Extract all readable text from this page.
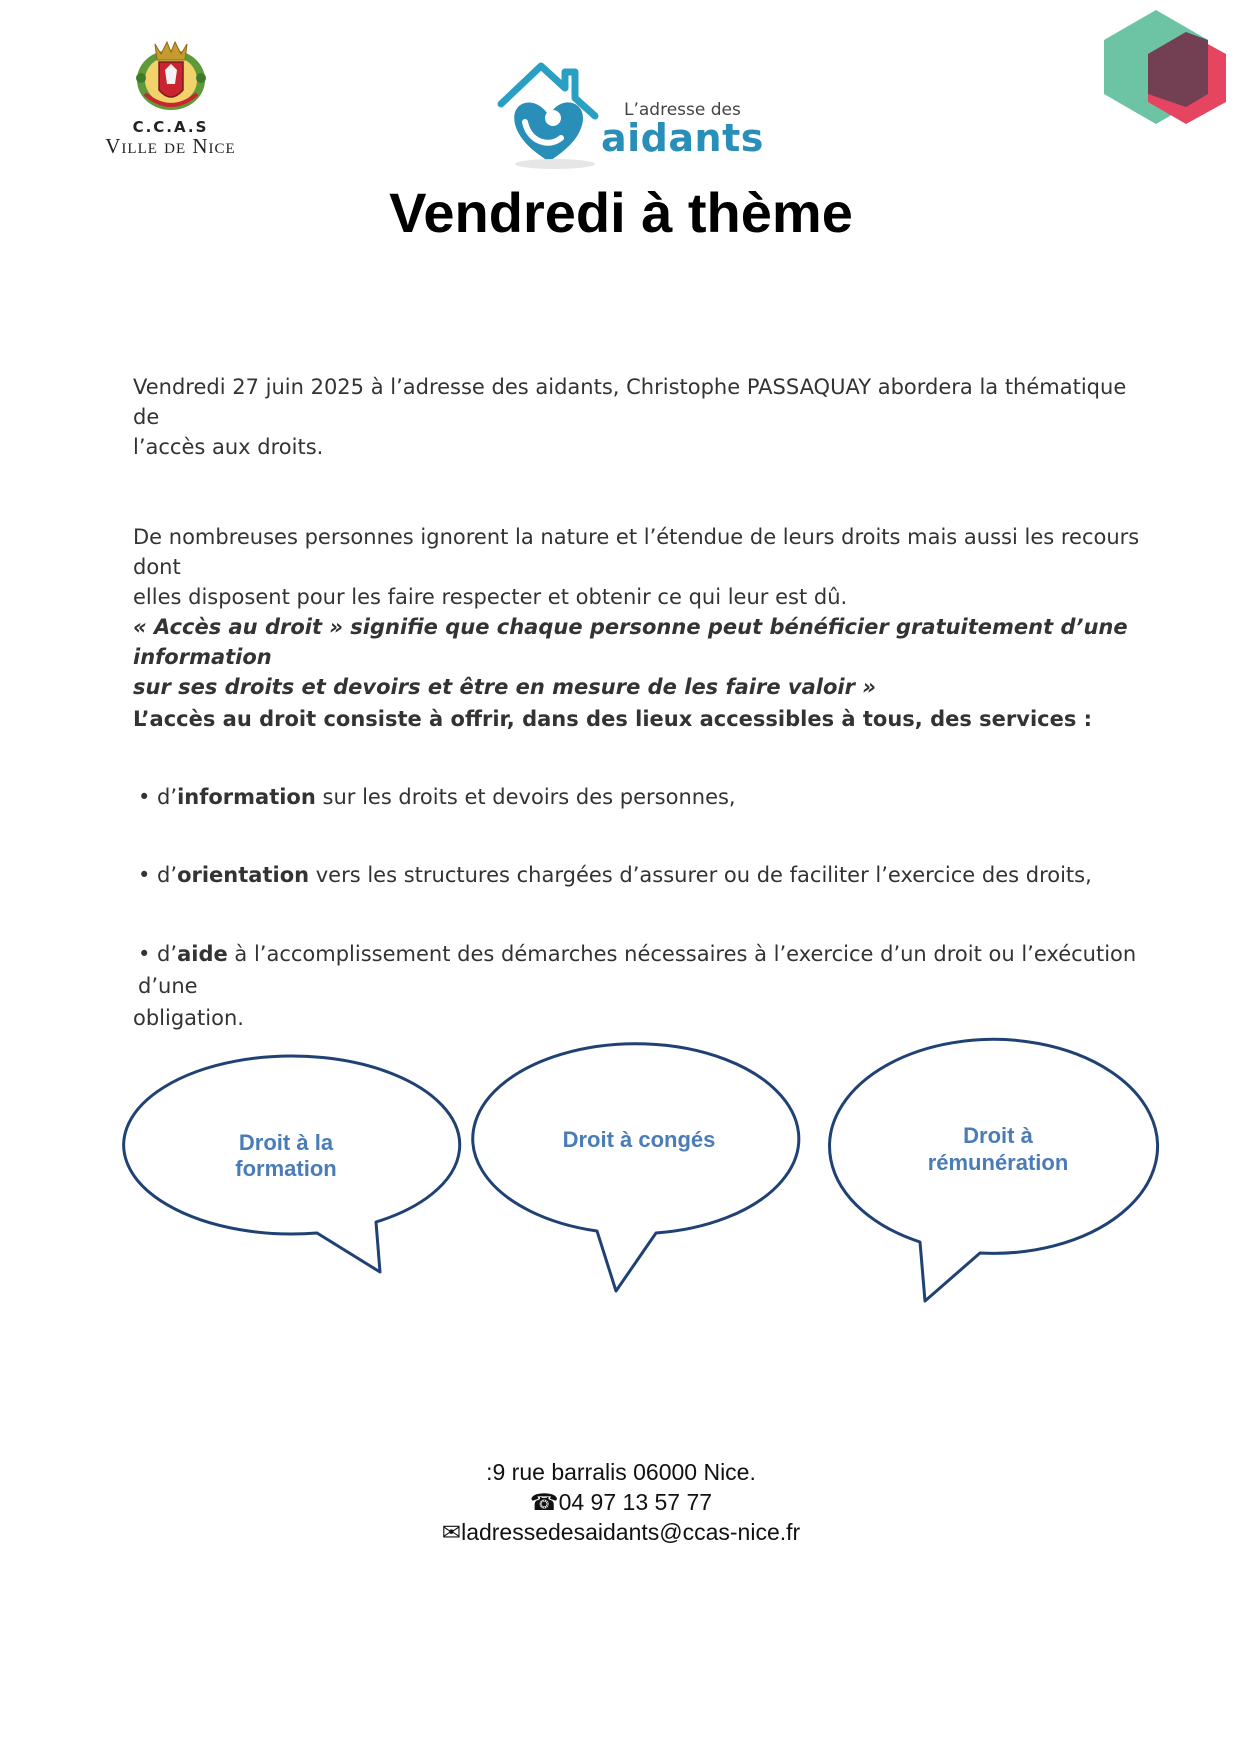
C.C.A.S
Ville de Nice
L’adresse des
aidants
Vendredi à thème
Vendredi 27 juin 2025 à l’adresse des aidants, Christophe PASSAQUAY abordera la thématique de
l’accès aux droits.
De nombreuses personnes ignorent la nature et l’étendue de leurs droits mais aussi les recours dont
elles disposent pour les faire respecter et obtenir ce qui leur est dû.
« Accès au droit » signifie que chaque personne peut bénéficier gratuitement d’une information
sur ses droits et devoirs et être en mesure de les faire valoir »
L’accès au droit consiste à offrir, dans des lieux accessibles à tous, des services :
• d’information sur les droits et devoirs des personnes,
• d’orientation vers les structures chargées d’assurer ou de faciliter l’exercice des droits,
• d’aide à l’accomplissement des démarches nécessaires à l’exercice d’un droit ou l’exécution d’une
obligation.
Droit à la
formation
Droit à congés	Droit à
rémunération
:9 rue barralis 06000 Nice.
☎04 97 13 57 77
✉ladressedesaidants@ccas-nice.fr
